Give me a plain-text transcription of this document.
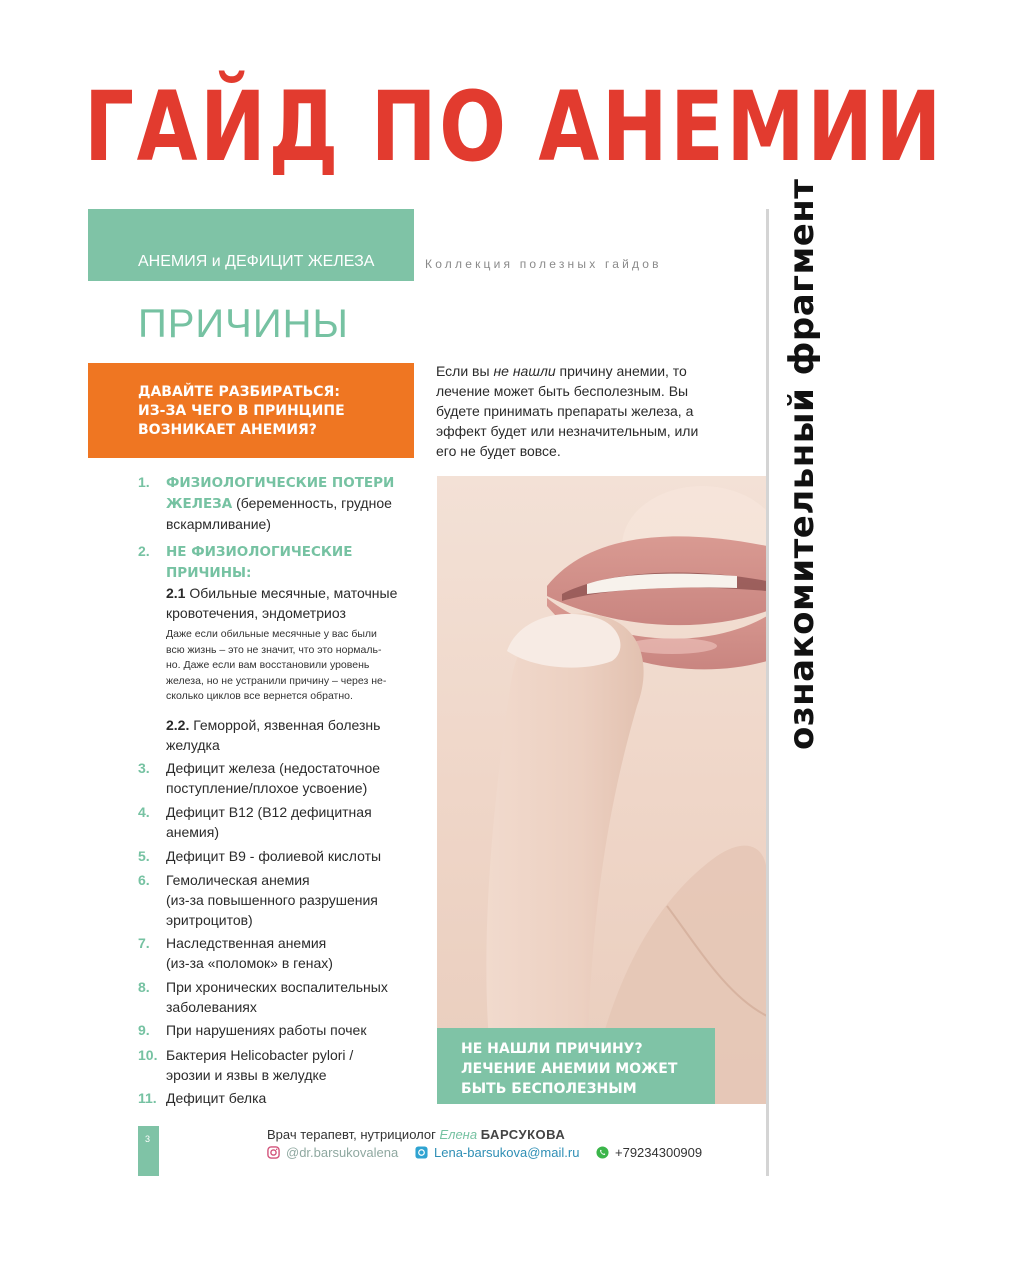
ГАЙД ПО АНЕМИИ
АНЕМИЯ и ДЕФИЦИТ ЖЕЛЕЗА	Коллекция полезных гайдов
ПРИЧИНЫ
ДАВАЙТЕ РАЗБИРАТЬСЯ:
ИЗ-ЗА ЧЕГО В ПРИНЦИПЕ
ВОЗНИКАЕТ АНЕМИЯ?
Если вы не нашли причину анемии, то
лечение может быть бесполезным. Вы
будете принимать препараты железа, а
эффект будет или незначительным, или
его не будет вовсе.
НЕ НАШЛИ ПРИЧИНУ?
ЛЕЧЕНИЕ АНЕМИИ МОЖЕТ
БЫТЬ БЕСПОЛЕЗНЫМ
ознакомительный фрагмент
1. ФИЗИОЛОГИЧЕСКИЕ ПОТЕРИ
ЖЕЛЕЗА (беременность, грудное
вскармливание)
2. НЕ ФИЗИОЛОГИЧЕСКИЕ
ПРИЧИНЫ:
2.1 Обильные месячные, маточные
кровотечения, эндометриоз
Даже если обильные месячные у вас были
всю жизнь – это не значит, что это нормаль-
но. Даже если вам восстановили уровень
железа, но не устранили причину – через не-
сколько циклов все вернется обратно.
2.2. Геморрой, язвенная болезнь
желудка
3. Дефицит железа (недостаточное
поступление/плохое усвоение)
4. Дефицит B12 (B12 дефицитная
анемия)
5. Дефицит B9 - фолиевой кислоты
6. Гемолическая анемия
(из-за повышенного разрушения
эритроцитов)
7. Наследственная анемия
(из-за «поломок» в генах)
8. При хронических воспалительных
заболеваниях
9. При нарушениях работы почек
10. Бактерия Helicobacter pylori /
эрозии и язвы в желудке
11. Дефицит белка
3	Врач терапевт, нутрициолог Елена БАРСУКОВА
@dr.barsukovalena	Lena-barsukova@mail.ru	+79234300909
